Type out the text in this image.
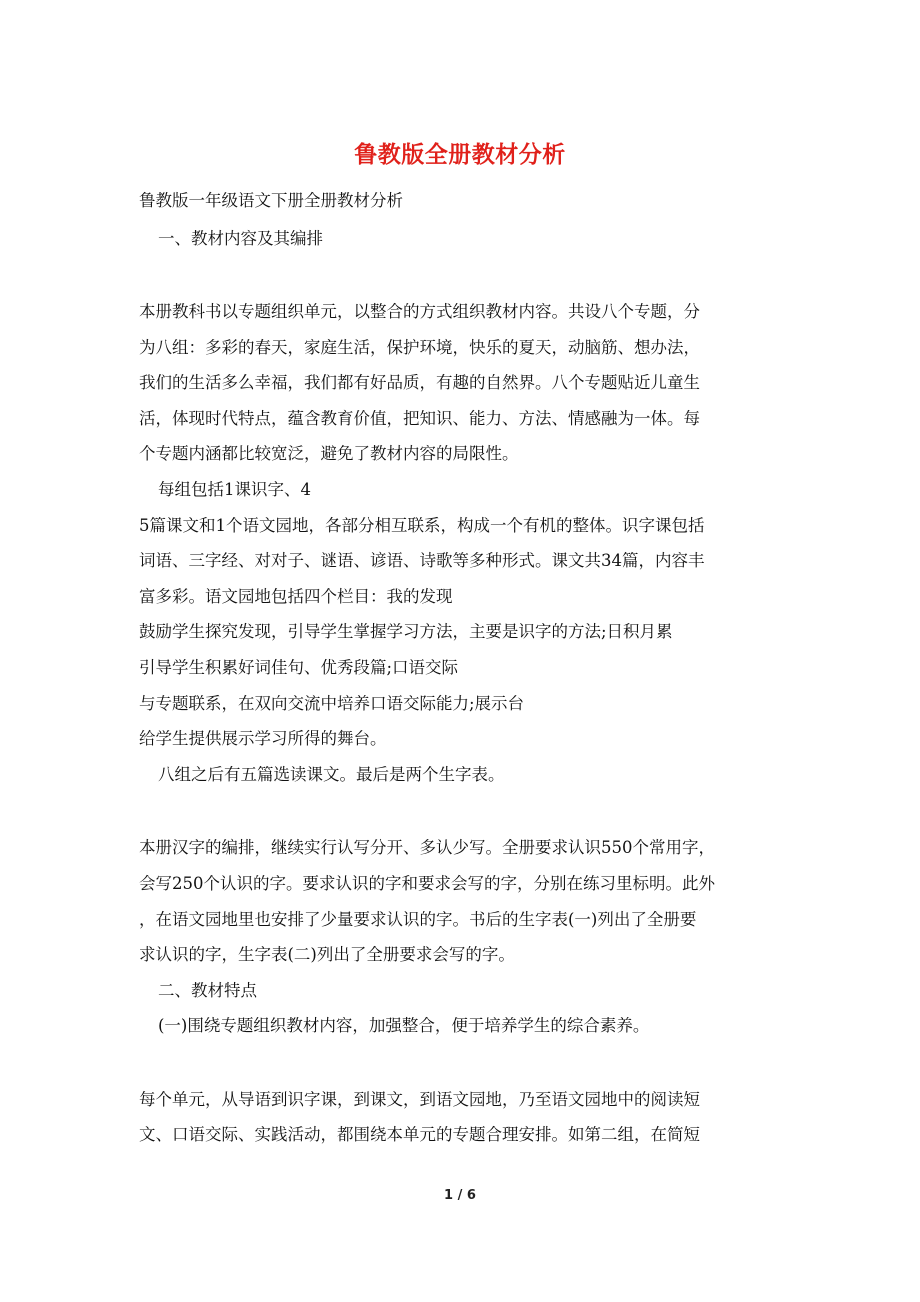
鲁教版全册教材分析

鲁教版一年级语文下册全册教材分析

一、教材内容及其编排

本册教科书以专题组织单元，以整合的方式组织教材内容。共设八个专题，分

为八组：多彩的春天，家庭生活，保护环境，快乐的夏天，动脑筋、想办法，

我们的生活多么幸福，我们都有好品质，有趣的自然界。八个专题贴近儿童生

活，体现时代特点，蕴含教育价值，把知识、能力、方法、情感融为一体。每

个专题内涵都比较宽泛，避免了教材内容的局限性。

每组包括1课识字、4

5篇课文和1个语文园地，各部分相互联系，构成一个有机的整体。识字课包括

词语、三字经、对对子、谜语、谚语、诗歌等多种形式。课文共34篇，内容丰

富多彩。语文园地包括四个栏目：我的发现

鼓励学生探究发现，引导学生掌握学习方法，主要是识字的方法;日积月累

引导学生积累好词佳句、优秀段篇;口语交际

与专题联系，在双向交流中培养口语交际能力;展示台

给学生提供展示学习所得的舞台。

八组之后有五篇选读课文。最后是两个生字表。

本册汉字的编排，继续实行认写分开、多认少写。全册要求认识550个常用字，

会写250个认识的字。要求认识的字和要求会写的字，分别在练习里标明。此外

，在语文园地里也安排了少量要求认识的字。书后的生字表(一)列出了全册要

求认识的字，生字表(二)列出了全册要求会写的字。

二、教材特点

(一)围绕专题组织教材内容，加强整合，便于培养学生的综合素养。

每个单元，从导语到识字课，到课文，到语文园地，乃至语文园地中的阅读短

文、口语交际、实践活动，都围绕本单元的专题合理安排。如第二组，在简短

1 / 6
